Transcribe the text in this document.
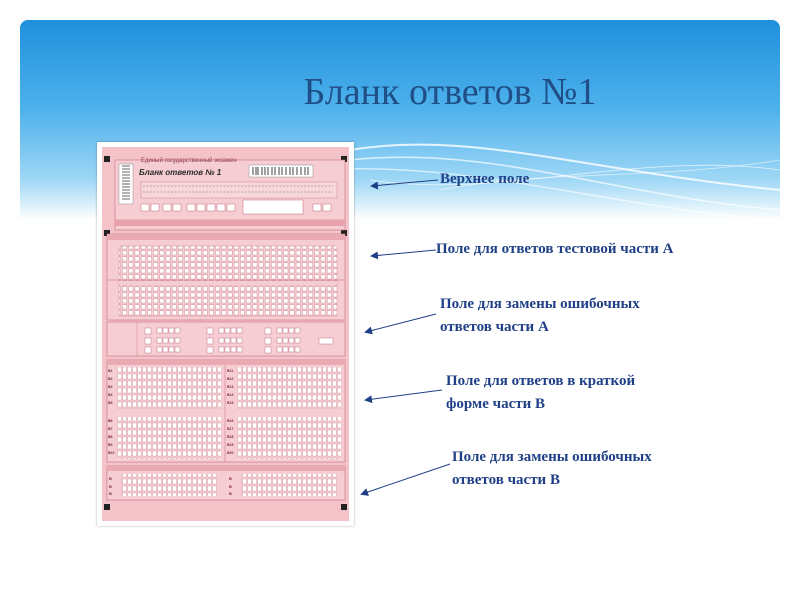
Бланк ответов №1
Единый государственный экзамен
Бланк ответов № 1
B1
B2
B3
B4
B5
B6
B7
B8
B9
B10
B11
B12
B13
B14
B15
B16
B17
B18
B19
B20
B
B
B
B
B
B
Верхнее поле
Поле для ответов тестовой части А
Поле для замены ошибочных
ответов части А
Поле для ответов в краткой
форме части В
Поле для замены ошибочных
ответов части В
